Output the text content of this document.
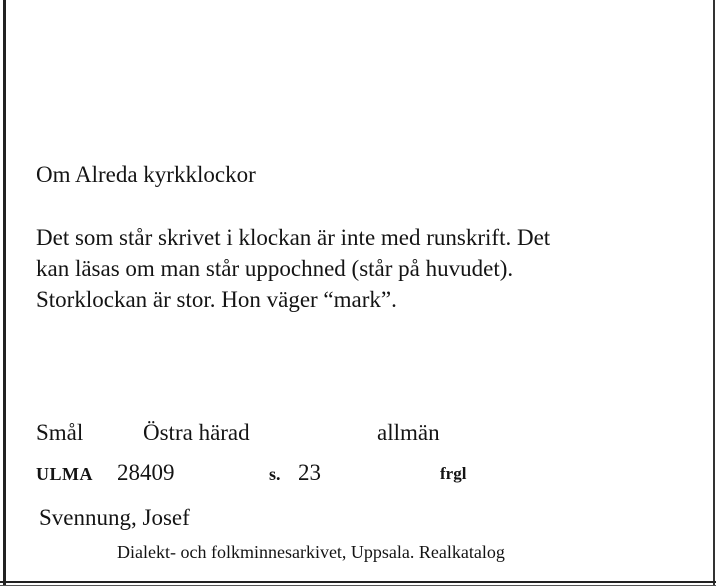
Om Alreda kyrkklockor
Det som står skrivet i klockan är inte med runskrift. Det
kan läsas om man står uppochned (står på huvudet).
Storklockan är stor. Hon väger “mark”.
Smål	Östra härad	allmän
ULMA 28409	s. 23	frgl
Svennung, Josef
Dialekt- och folkminnesarkivet, Uppsala. Realkatalog
